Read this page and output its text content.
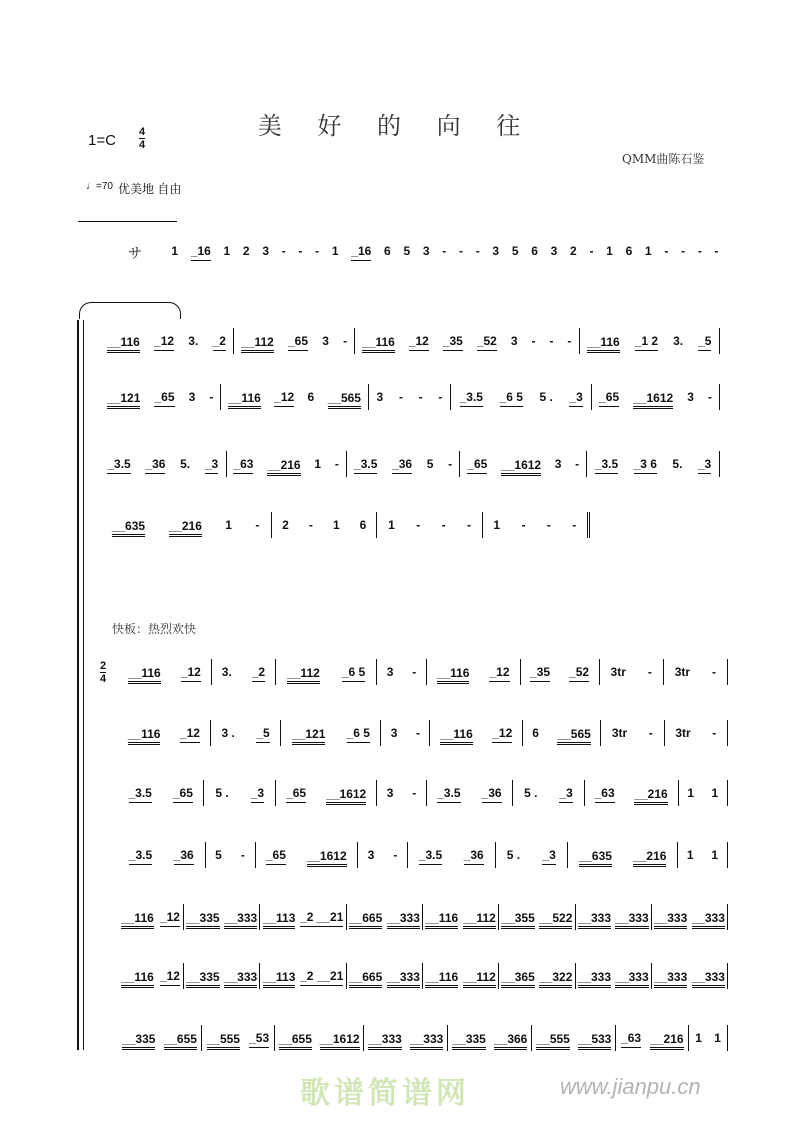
美 好 的 向 往
1=C 4
4
QMM曲陈石鉴
♩=70 优美地 自由
サ 1 _16 1 2 3 - - - 1 _16 6 5 3 - - - 3 5 6 3 2 - 1 6 1 - - - -
__116 _12 3. _2 __112 _65 3 - __116 _12 _35 _52 3 - - - __116 _1 2 3. _5
__121 _65 3 - __116 _12 6 __565 3 - - - _3.5 _6 5 5 . _3 _65 __1612 3 -
_3.5 _36 5. _3 _63 __216 1 - _3.5 _36 5 - _65 __1612 3 - _3.5 _3 6 5. _3
__635 __216 1 - 2 - 1 6 1 - - - 1 - - -
快板：热烈欢快
2
4 __116 _12 3. _2 __112 _6 5 3 - __116 _12 _35 _52 3tr - 3tr -
__116 _12 3 . _5 __121 _6 5 3 - __116 _12 6 __565 3tr - 3tr -
_3.5 _65 5 . _3 _65 __1612 3 - _3.5 _36 5 . _3 _63 __216 1 1
_3.5 _36 5 - _65 __1612 3 - _3.5 _36 5 . _3 __635 __216 1 1
__116 _12 __335 __333 __113 _2 __21 __665 __333 __116 __112 __355 __522 __333 __333 __333 __333
__116 _12 __335 __333 __113 _2 __21 __665 __333 __116 __112 __365 __322 __333 __333 __333 __333
__335 __655 __555 _53 __655 __1612 __333 __333 __335 __366 __555 __533 _63 __216 1 1
歌谱简谱网	www.jianpu.cn
